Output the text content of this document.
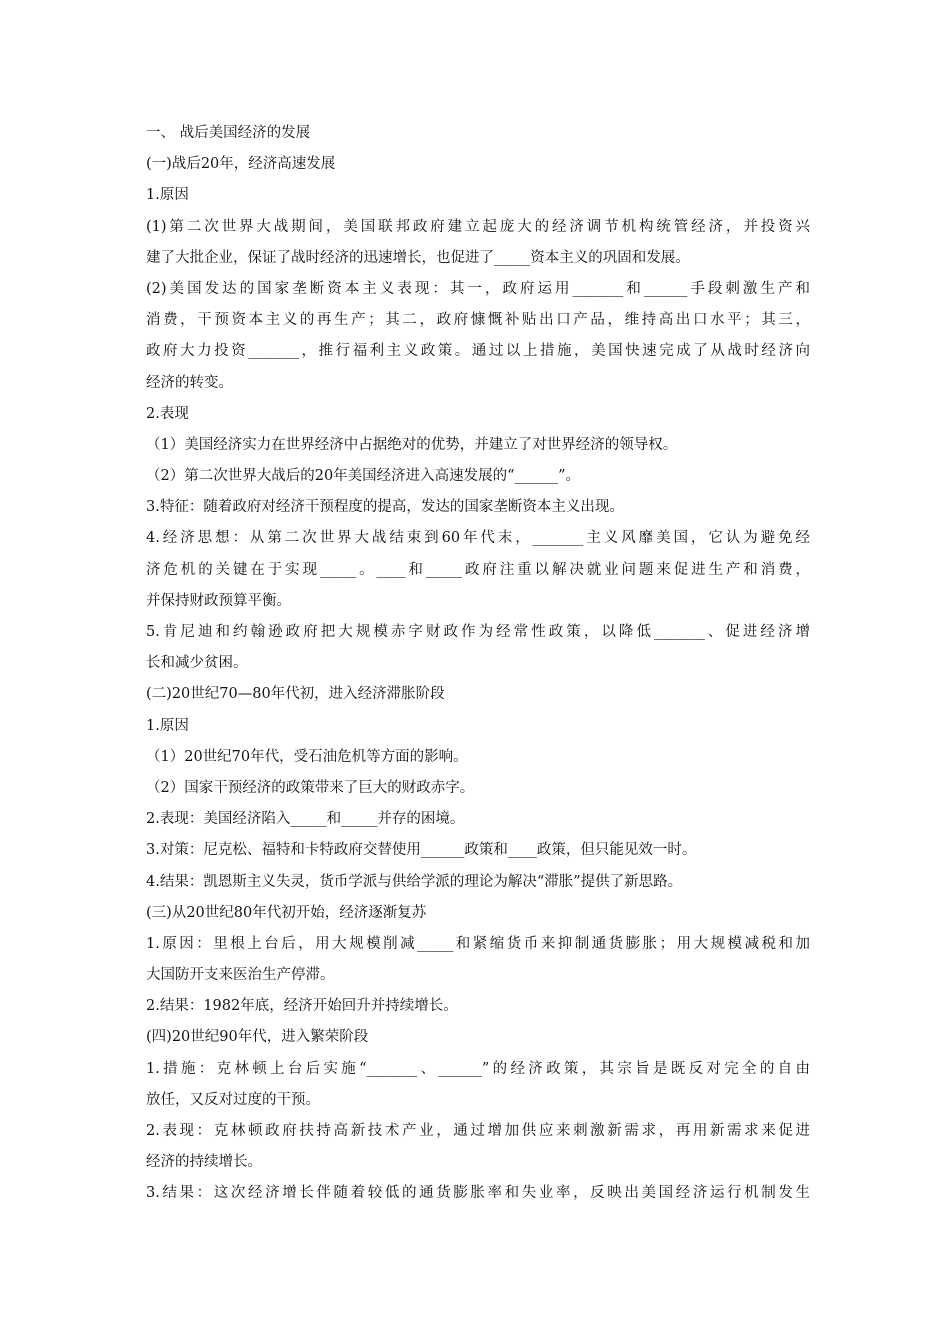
一、 战后美国经济的发展
(一)战后20年，经济高速发展
1.原因
(1)第二次世界大战期间，美国联邦政府建立起庞大的经济调节机构统管经济，并投资兴
建了大批企业，保证了战时经济的迅速增长，也促进了_____资本主义的巩固和发展。
(2)美国发达的国家垄断资本主义表现：其一，政府运用_______和______手段刺激生产和
消费，干预资本主义的再生产；其二，政府慷慨补贴出口产品，维持高出口水平；其三，
政府大力投资_______，推行福利主义政策。通过以上措施，美国快速完成了从战时经济向
经济的转变。
2.表现
（1）美国经济实力在世界经济中占据绝对的优势，并建立了对世界经济的领导权。
（2）第二次世界大战后的20年美国经济进入高速发展的“______”。
3.特征：随着政府对经济干预程度的提高，发达的国家垄断资本主义出现。
4.经济思想：从第二次世界大战结束到60年代末，_______主义风靡美国，它认为避免经
济危机的关键在于实现_____。____和_____政府注重以解决就业问题来促进生产和消费，
并保持财政预算平衡。
5.肯尼迪和约翰逊政府把大规模赤字财政作为经常性政策，以降低_______、促进经济增
长和减少贫困。
(二)20世纪70—80年代初，进入经济滞胀阶段
1.原因
（1）20世纪70年代，受石油危机等方面的影响。
（2）国家干预经济的政策带来了巨大的财政赤字。
2.表现：美国经济陷入_____和_____并存的困境。
3.对策：尼克松、福特和卡特政府交替使用______政策和____政策，但只能见效一时。
4.结果：凯恩斯主义失灵，货币学派与供给学派的理论为解决“滞胀”提供了新思路。
(三)从20世纪80年代初开始，经济逐渐复苏
1.原因：里根上台后，用大规模削减_____和紧缩货币来抑制通货膨胀；用大规模减税和加
大国防开支来医治生产停滞。
2.结果：1982年底，经济开始回升并持续增长。
(四)20世纪90年代，进入繁荣阶段
1.措施：克林顿上台后实施“_______、______”的经济政策，其宗旨是既反对完全的自由
放任，又反对过度的干预。
2.表现：克林顿政府扶持高新技术产业，通过增加供应来刺激新需求，再用新需求来促进
经济的持续增长。
3.结果：这次经济增长伴随着较低的通货膨胀率和失业率，反映出美国经济运行机制发生
